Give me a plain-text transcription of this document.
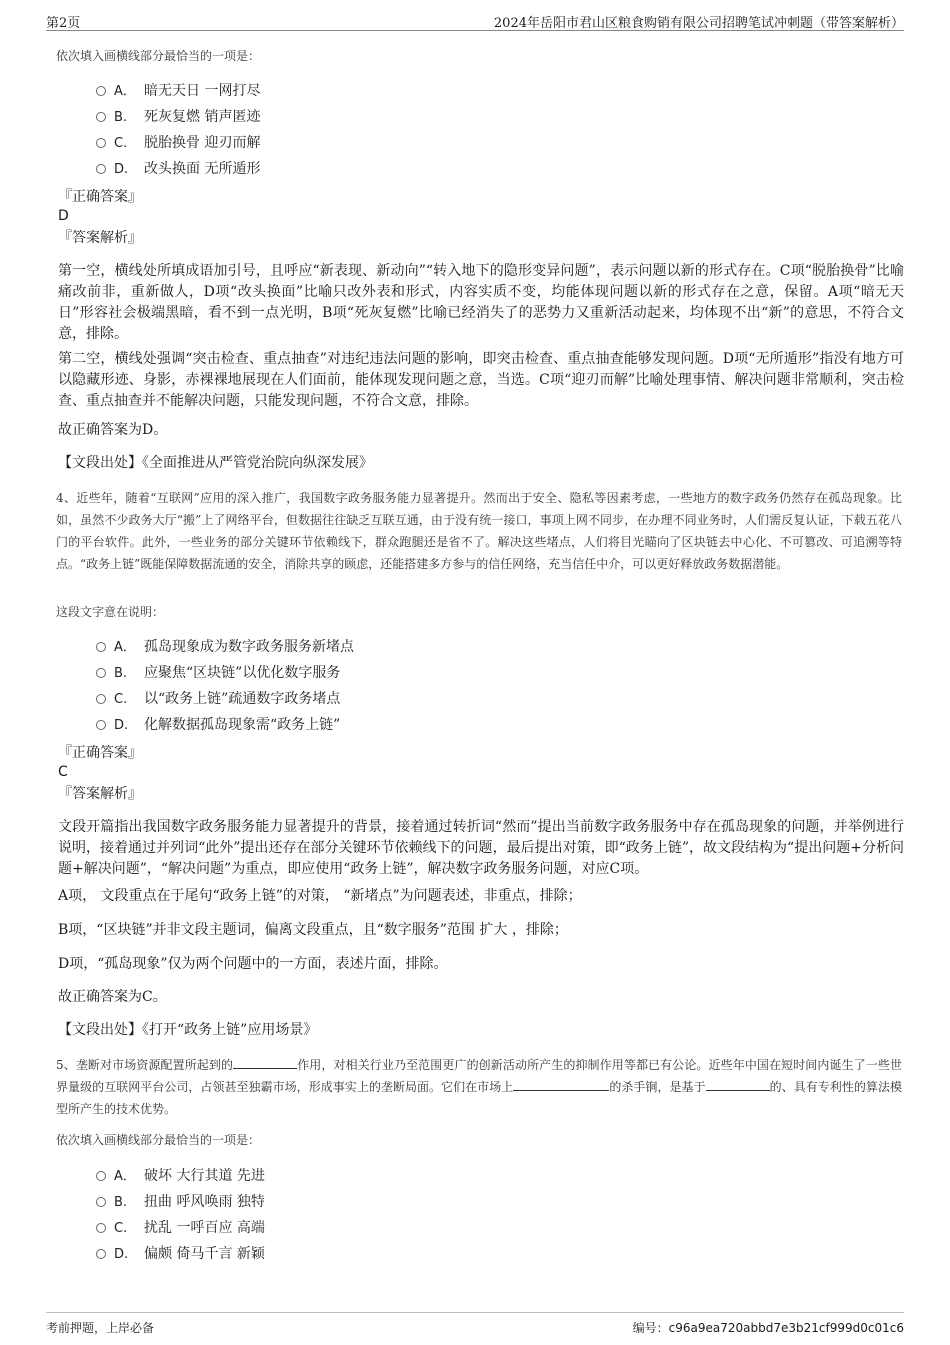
第2页	2024年岳阳市君山区粮食购销有限公司招聘笔试冲刺题（带答案解析）
依次填入画横线部分最恰当的一项是：
A． 暗无天日 一网打尽
B. 死灰复燃 销声匿迹
C. 脱胎换骨 迎刃而解
D. 改头换面 无所遁形
『正确答案』
D
『答案解析』
第一空，横线处所填成语加引号，且呼应“新表现、新动向”“转入地下的隐形变异问题”，表示问题以新的形式存在。C项“脱胎换骨”比喻痛改前非，重新做人，D项“改头换面”比喻只改外表和形式，内容实质不变，均能体现问题以新的形式存在之意，保留。A项“暗无天日”形容社会极端黑暗，看不到一点光明，B项“死灰复燃”比喻已经消失了的恶势力又重新活动起来，均体现不出“新”的意思，不符合文意，排除。
第二空，横线处强调“突击检查、重点抽查”对违纪违法问题的影响，即突击检查、重点抽查能够发现问题。D项“无所遁形”指没有地方可以隐藏形迹、身影，赤裸裸地展现在人们面前，能体现发现问题之意，当选。C项“迎刃而解”比喻处理事情、解决问题非常顺利，突击检查、重点抽查并不能解决问题，只能发现问题，不符合文意，排除。
故正确答案为D。
【文段出处】《全面推进从严管党治院向纵深发展》
4、近些年，随着“互联网”应用的深入推广，我国数字政务服务能力显著提升。然而出于安全、隐私等因素考虑，一些地方的数字政务仍然存在孤岛现象。比如，虽然不少政务大厅“搬”上了网络平台，但数据往往缺乏互联互通，由于没有统一接口，事项上网不同步，在办理不同业务时，人们需反复认证，下载五花八门的平台软件。此外，一些业务的部分关键环节依赖线下，群众跑腿还是省不了。解决这些堵点，人们将目光瞄向了区块链去中心化、不可篡改、可追溯等特点。“政务上链”既能保障数据流通的安全，消除共享的顾虑，还能搭建多方参与的信任网络，充当信任中介，可以更好释放政务数据潜能。
这段文字意在说明：
A． 孤岛现象成为数字政务服务新堵点
B. 应聚焦“区块链”以优化数字服务
C. 以“政务上链”疏通数字政务堵点
D. 化解数据孤岛现象需“政务上链”
『正确答案』
C
『答案解析』
文段开篇指出我国数字政务服务能力显著提升的背景，接着通过转折词“然而”提出当前数字政务服务中存在孤岛现象的问题，并举例进行说明，接着通过并列词“此外”提出还存在部分关键环节依赖线下的问题，最后提出对策，即“政务上链”，故文段结构为“提出问题+分析问题+解决问题”，“解决问题”为重点，即应使用“政务上链”，解决数字政务服务问题，对应C项。
A项， 文段重点在于尾句“政务上链”的对策， “新堵点”为问题表述，非重点，排除；
B项，“区块链”并非文段主题词，偏离文段重点，且“数字服务”范围 扩大 ，排除；
D项，“孤岛现象”仅为两个问题中的一方面，表述片面，排除。
故正确答案为C。
【文段出处】《打开“政务上链”应用场景》
5、垄断对市场资源配置所起到的	作用，对相关行业乃至范围更广的创新活动所产生的抑制作用等都已有公论。近些年中国在短时间内诞生了一些世界量级的互联网平台公司，占领甚至独霸市场，形成事实上的垄断局面。它们在市场上	的杀手锏，是基于	的、具有专利性的算法模型所产生的技术优势。
依次填入画横线部分最恰当的一项是：
A． 破坏 大行其道 先进
B. 扭曲 呼风唤雨 独特
C. 扰乱 一呼百应 高端
D. 偏颇 倚马千言 新颖
考前押题，上岸必备	编号：c96a9ea720abbd7e3b21cf999d0c01c6
